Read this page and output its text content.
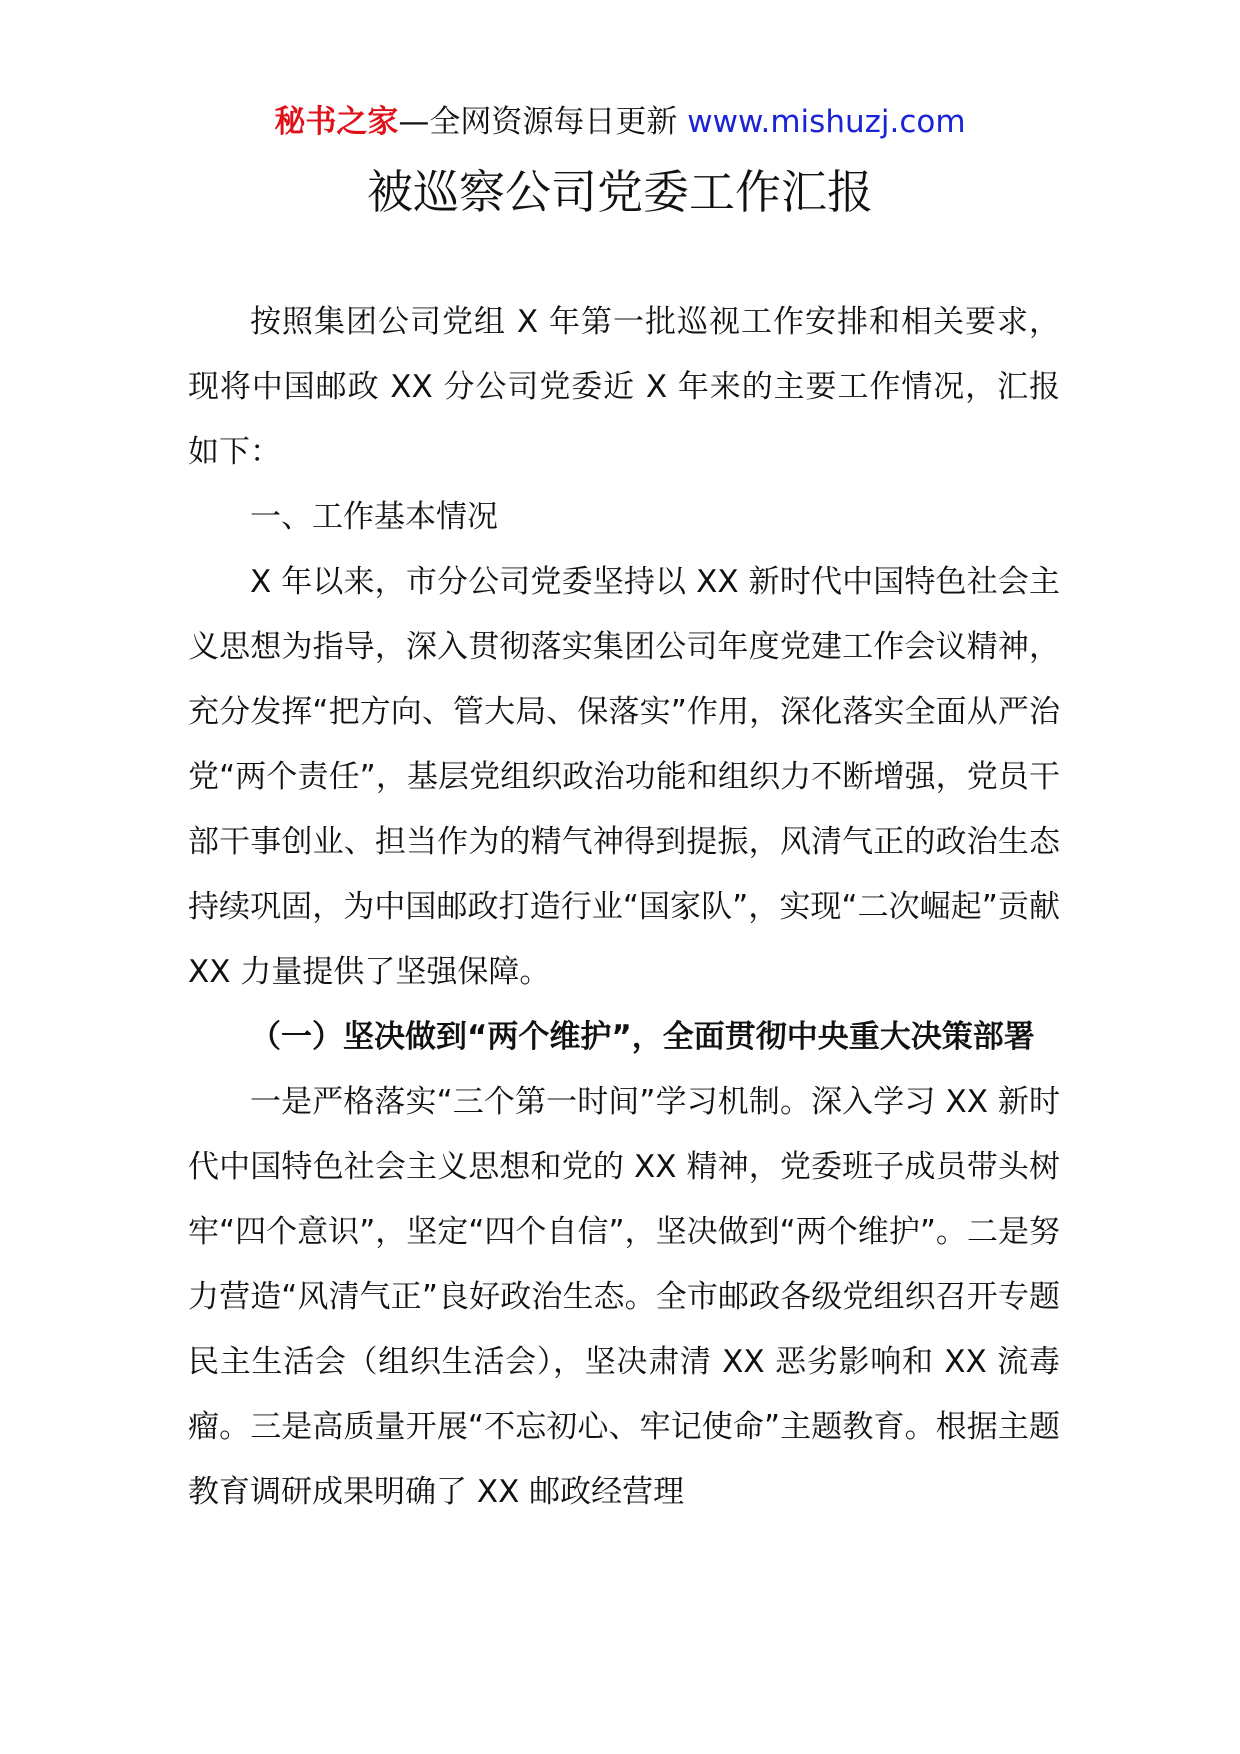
秘书之家—全网资源每日更新 www.mishuzj.com
被巡察公司党委工作汇报

按照集团公司党组 X 年第一批巡视工作安排和相关要求，现将中国邮政 XX 分公司党委近 X 年来的主要工作情况，汇报如下：

一、工作基本情况

X 年以来，市分公司党委坚持以 XX 新时代中国特色社会主义思想为指导，深入贯彻落实集团公司年度党建工作会议精神，充分发挥“把方向、管大局、保落实”作用，深化落实全面从严治党“两个责任”，基层党组织政治功能和组织力不断增强，党员干部干事创业、担当作为的精气神得到提振，风清气正的政治生态持续巩固，为中国邮政打造行业“国家队”，实现“二次崛起”贡献 XX 力量提供了坚强保障。

（一）坚决做到“两个维护”，全面贯彻中央重大决策部署

一是严格落实“三个第一时间”学习机制。深入学习 XX 新时代中国特色社会主义思想和党的 XX 精神，党委班子成员带头树牢“四个意识”，坚定“四个自信”，坚决做到“两个维护”。二是努力营造“风清气正”良好政治生态。全市邮政各级党组织召开专题民主生活会（组织生活会），坚决肃清 XX 恶劣影响和 XX 流毒瘤。三是高质量开展“不忘初心、牢记使命”主题教育。根据主题教育调研成果明确了 XX 邮政经营理
